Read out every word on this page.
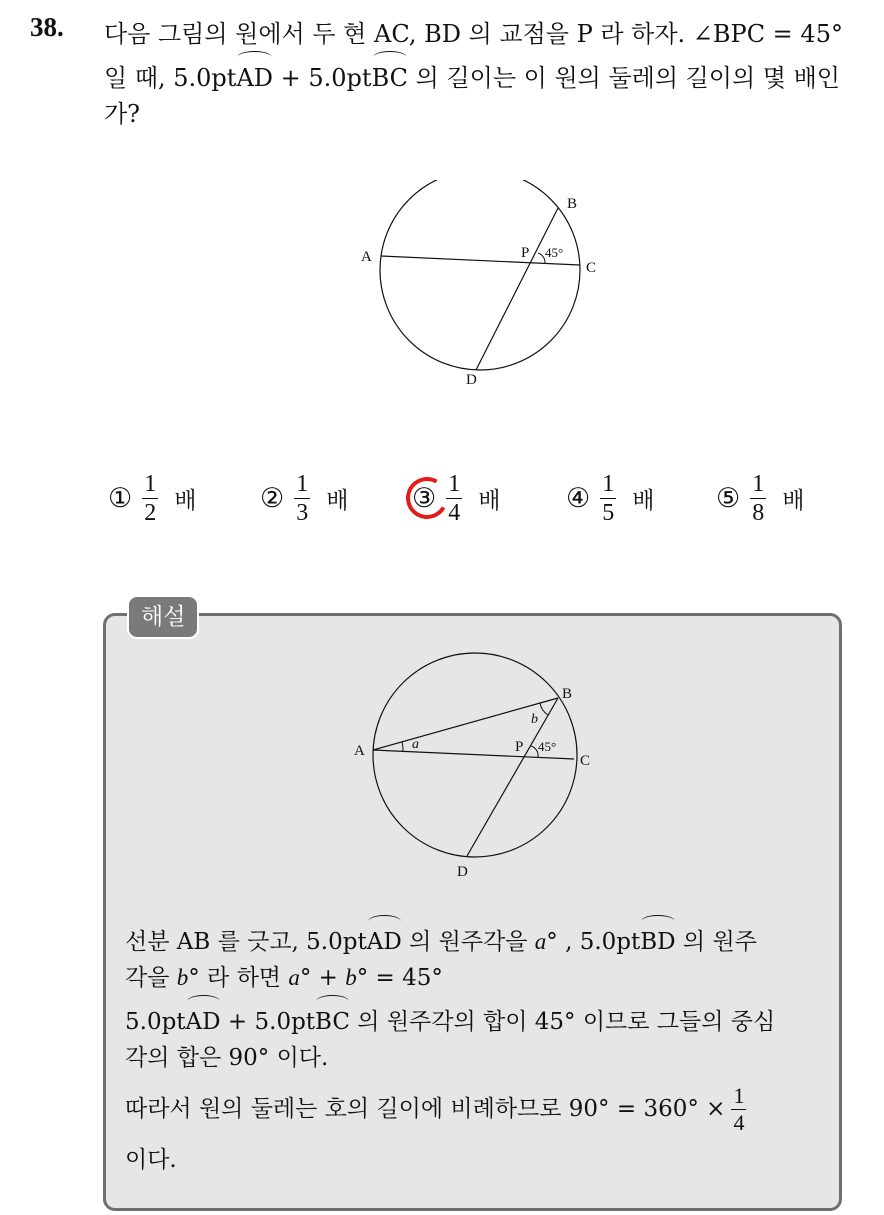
38. 다음 그림의 원에서 두 현 AC, BD 의 교점을 P 라 하자. ∠BPC = 45°
일 때, 5.0ptAD + 5.0ptBC 의 길이는 이 원의 둘레의 길이의 몇 배인
가?
A
B
C
D
P 45°
① $\frac{1}{2}$ 배 ② $\frac{1}{3}$ 배 ③ $\frac{1}{4}$ 배 ④ $\frac{1}{5}$ 배 ⑤ $\frac{1}{8}$ 배
해설
A
B
C
D
P 45°
a
b
선분 AB 를 긋고, 5.0ptAD 의 원주각을 a° , 5.0ptBD 의 원주
각을 b° 라 하면 a° + b° = 45°
5.0ptAD + 5.0ptBC 의 원주각의 합이 45° 이므로 그들의 중심
각의 합은 90° 이다.
따라서 원의 둘레는 호의 길이에 비례하므로 $90^\circ = 360^\circ \times \frac{1}{4}$
이다.
